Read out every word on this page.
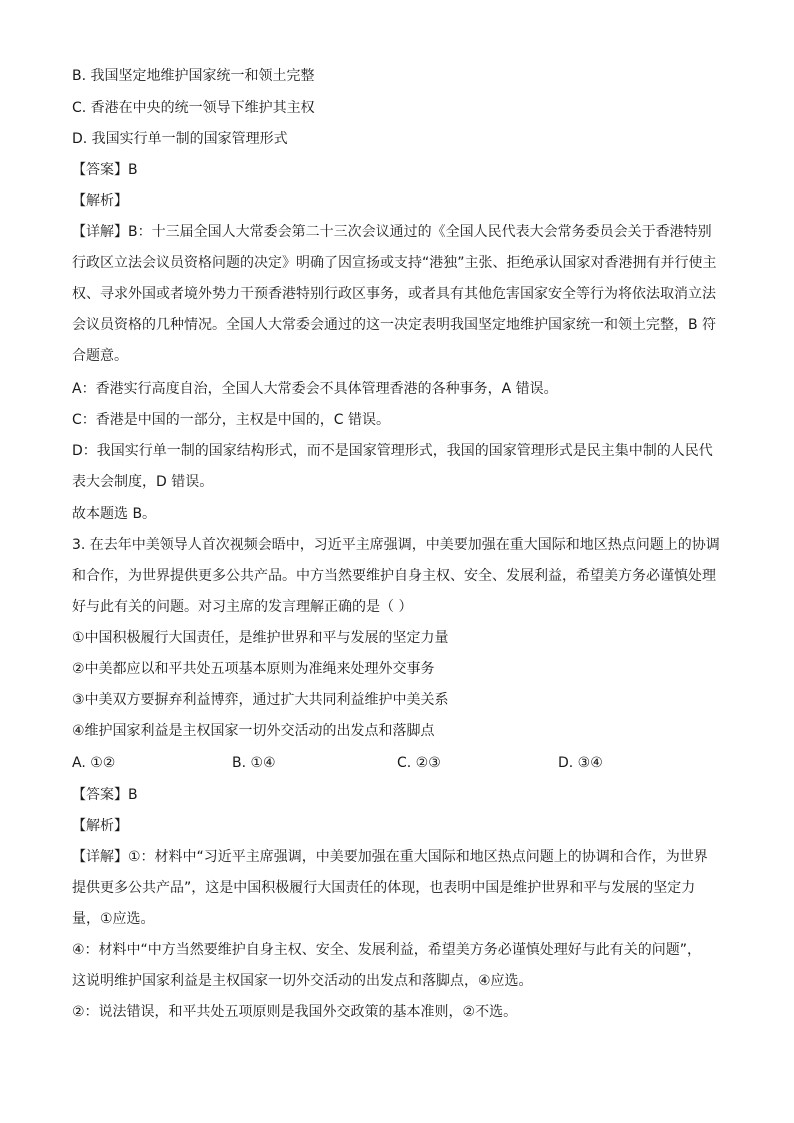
B. 我国坚定地维护国家统一和领土完整
C. 香港在中央的统一领导下维护其主权
D. 我国实行单一制的国家管理形式
【答案】B
【解析】
【详解】B：十三届全国人大常委会第二十三次会议通过的《全国人民代表大会常务委员会关于香港特别
行政区立法会议员资格问题的决定》明确了因宣扬或支持“港独”主张、拒绝承认国家对香港拥有并行使主
权、寻求外国或者境外势力干预香港特别行政区事务，或者具有其他危害国家安全等行为将依法取消立法
会议员资格的几种情况。全国人大常委会通过的这一决定表明我国坚定地维护国家统一和领土完整，B 符
合题意。
A：香港实行高度自治，全国人大常委会不具体管理香港的各种事务，A 错误。
C：香港是中国的一部分，主权是中国的，C 错误。
D：我国实行单一制的国家结构形式，而不是国家管理形式，我国的国家管理形式是民主集中制的人民代
表大会制度，D 错误。
故本题选 B。
3. 在去年中美领导人首次视频会晤中，习近平主席强调，中美要加强在重大国际和地区热点问题上的协调
和合作，为世界提供更多公共产品。中方当然要维护自身主权、安全、发展利益，希望美方务必谨慎处理
好与此有关的问题。对习主席的发言理解正确的是（ ）
①中国积极履行大国责任，是维护世界和平与发展的坚定力量
②中美都应以和平共处五项基本原则为准绳来处理外交事务
③中美双方要摒弃利益博弈，通过扩大共同利益维护中美关系
④维护国家利益是主权国家一切外交活动的出发点和落脚点
A. ①②	B. ①④	C. ②③	D. ③④
【答案】B
【解析】
【详解】①：材料中“习近平主席强调，中美要加强在重大国际和地区热点问题上的协调和合作，为世界
提供更多公共产品”，这是中国积极履行大国责任的体现，也表明中国是维护世界和平与发展的坚定力
量，①应选。
④：材料中“中方当然要维护自身主权、安全、发展利益，希望美方务必谨慎处理好与此有关的问题”，
这说明维护国家利益是主权国家一切外交活动的出发点和落脚点，④应选。
②：说法错误，和平共处五项原则是我国外交政策的基本准则，②不选。
